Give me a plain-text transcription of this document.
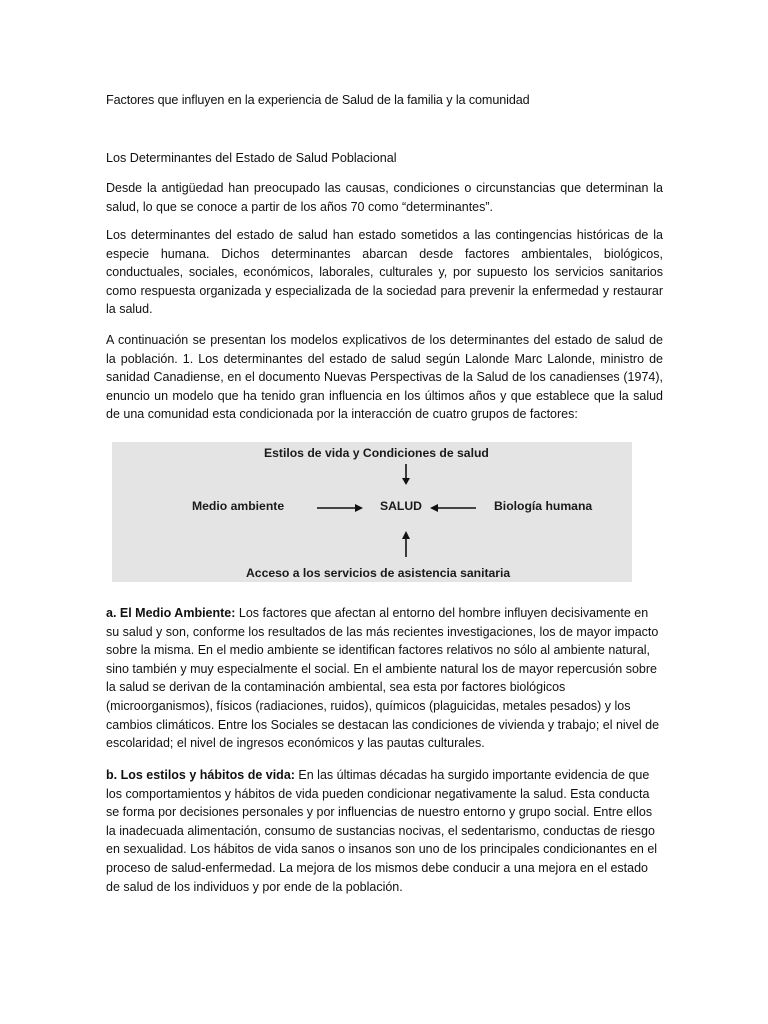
Factores que influyen en la experiencia de Salud de la familia y la comunidad
Los Determinantes del Estado de Salud Poblacional

Desde la antigüedad han preocupado las causas, condiciones o circunstancias que determinan la salud, lo que se conoce a partir de los años 70 como “determinantes”.

Los determinantes del estado de salud han estado sometidos a las contingencias históricas de la especie humana. Dichos determinantes abarcan desde factores ambientales, biológicos, conductuales, sociales, económicos, laborales, culturales y, por supuesto los servicios sanitarios como respuesta organizada y especializada de la sociedad para prevenir la enfermedad y restaurar la salud.

A continuación se presentan los modelos explicativos de los determinantes del estado de salud de la población. 1. Los determinantes del estado de salud según Lalonde Marc Lalonde, ministro de sanidad Canadiense, en el documento Nuevas Perspectivas de la Salud de los canadienses (1974), enuncio un modelo que ha tenido gran influencia en los últimos años y que establece que la salud de una comunidad esta condicionada por la interacción de cuatro grupos de factores:

Estilos de vida y Condiciones de salud
Medio ambiente	SALUD	Biología humana
Acceso a los servicios de asistencia sanitaria

a. El Medio Ambiente: Los factores que afectan al entorno del hombre influyen decisivamente en su salud y son, conforme los resultados de las más recientes investigaciones, los de mayor impacto sobre la misma. En el medio ambiente se identifican factores relativos no sólo al ambiente natural, sino también y muy especialmente el social. En el ambiente natural los de mayor repercusión sobre la salud se derivan de la contaminación ambiental, sea esta por factores biológicos (microorganismos), físicos (radiaciones, ruidos), químicos (plaguicidas, metales pesados) y los cambios climáticos. Entre los Sociales se destacan las condiciones de vivienda y trabajo; el nivel de escolaridad; el nivel de ingresos económicos y las pautas culturales.

b. Los estilos y hábitos de vida: En las últimas décadas ha surgido importante evidencia de que los comportamientos y hábitos de vida pueden condicionar negativamente la salud. Esta conducta se forma por decisiones personales y por influencias de nuestro entorno y grupo social. Entre ellos la inadecuada alimentación, consumo de sustancias nocivas, el sedentarismo, conductas de riesgo en sexualidad. Los hábitos de vida sanos o insanos son uno de los principales condicionantes en el proceso de salud-enfermedad. La mejora de los mismos debe conducir a una mejora en el estado de salud de los individuos y por ende de la población.
